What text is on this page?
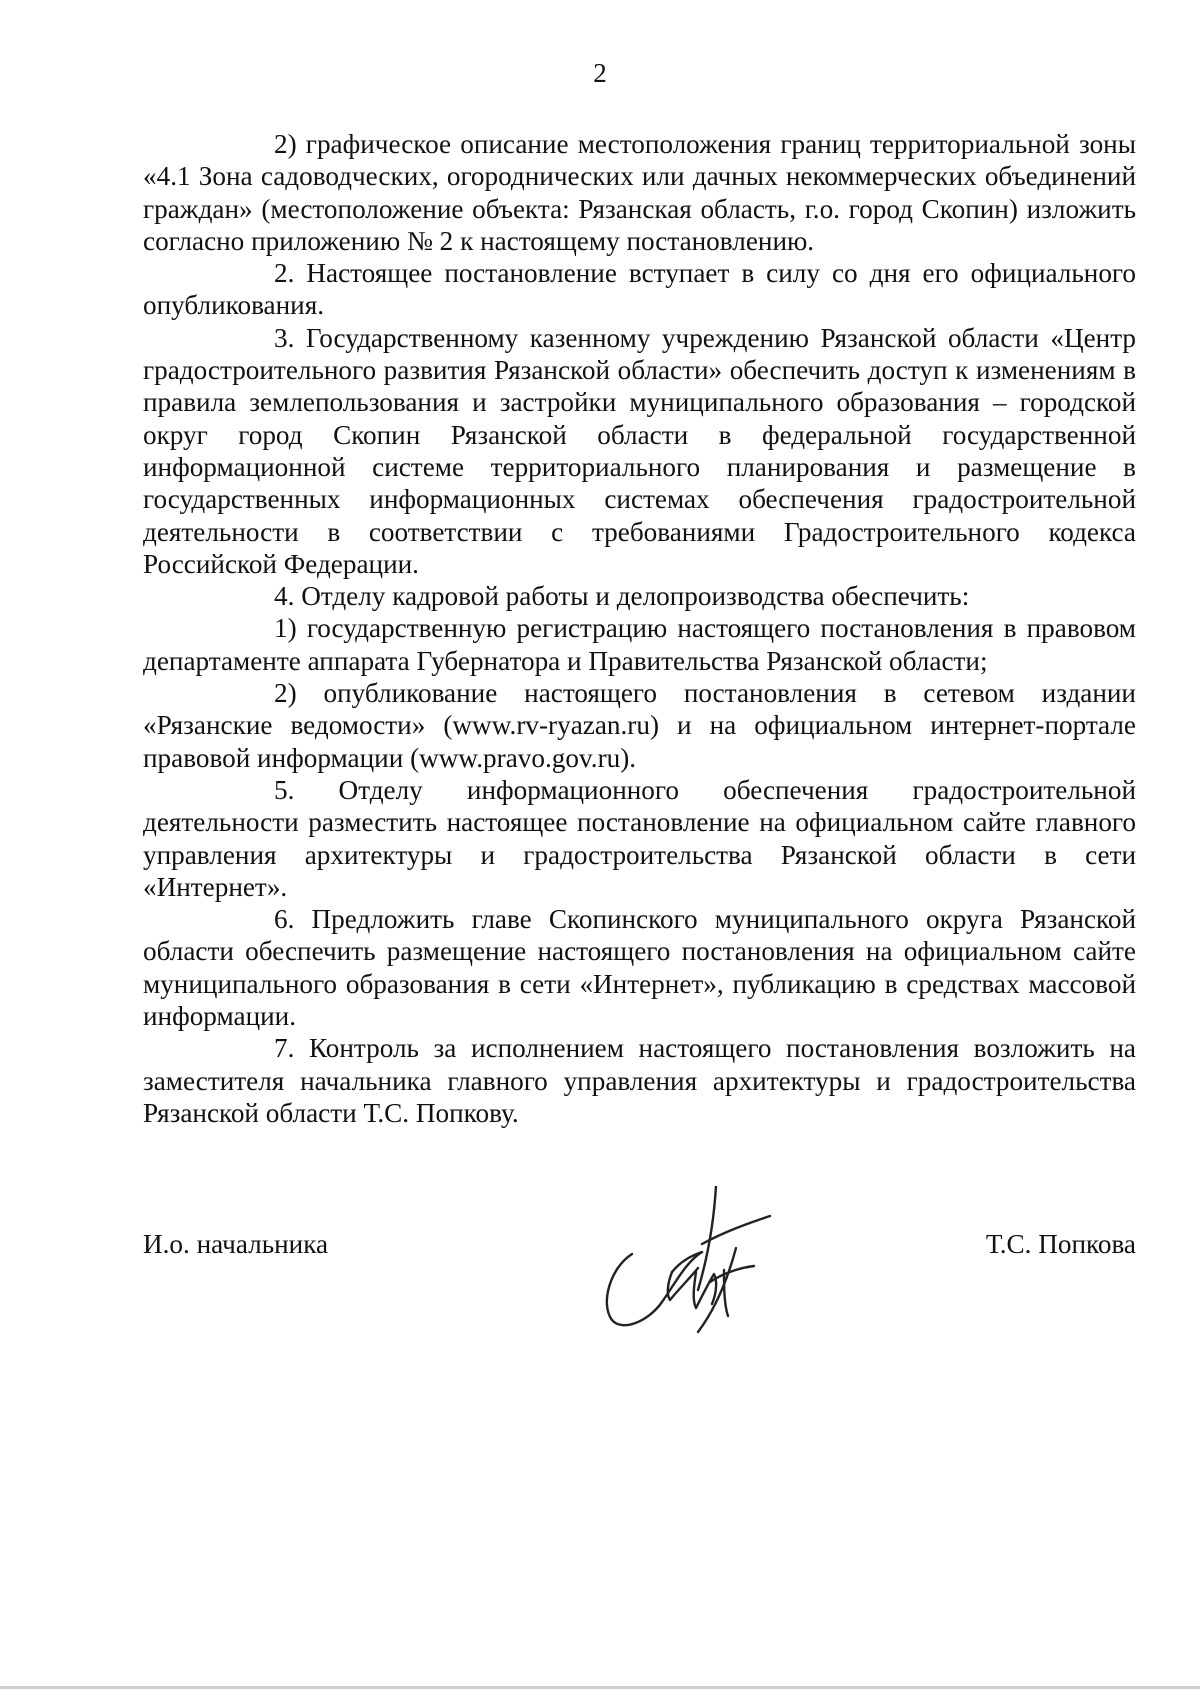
2

2) графическое описание местоположения границ территориальной зоны «4.1 Зона садоводческих, огороднических или дачных некоммерческих объединений граждан» (местоположение объекта: Рязанская область, г.о. город Скопин) изложить согласно приложению № 2 к настоящему постановлению.

2. Настоящее постановление вступает в силу со дня его официального опубликования.

3. Государственному казенному учреждению Рязанской области «Центр градостроительного развития Рязанской области» обеспечить доступ к изменениям в правила землепользования и застройки муниципального образования – городской округ город Скопин Рязанской области в федеральной государственной информационной системе территориального планирования и размещение в государственных информационных системах обеспечения градостроительной деятельности в соответствии с требованиями Градостроительного кодекса Российской Федерации.

4. Отделу кадровой работы и делопроизводства обеспечить:

1) государственную регистрацию настоящего постановления в правовом департаменте аппарата Губернатора и Правительства Рязанской области;

2) опубликование настоящего постановления в сетевом издании «Рязанские ведомости» (www.rv-ryazan.ru) и на официальном интернет-портале правовой информации (www.pravo.gov.ru).

5. Отделу информационного обеспечения градостроительной деятельности разместить настоящее постановление на официальном сайте главного управления архитектуры и градостроительства Рязанской области в сети «Интернет».

6. Предложить главе Скопинского муниципального округа Рязанской области обеспечить размещение настоящего постановления на официальном сайте муниципального образования в сети «Интернет», публикацию в средствах массовой информации.

7. Контроль за исполнением настоящего постановления возложить на заместителя начальника главного управления архитектуры и градостроительства Рязанской области Т.С. Попкову.

И.о. начальника	Т.С. Попкова
